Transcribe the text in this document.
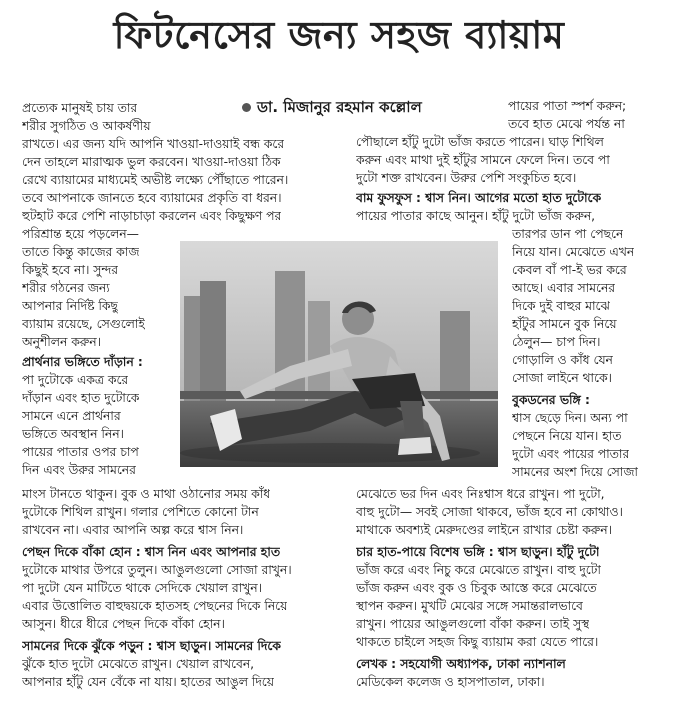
ফিটনেসের জন্য সহজ ব্যায়াম
ডা. মিজানুর রহমান কল্লোল
প্রত্যেক মানুষই চায় তার
শরীর সুগঠিত ও আকর্ষণীয়
রাখতে। এর জন্য যদি আপনি খাওয়া-দাওয়াই বন্ধ করে
দেন তাহলে মারাত্মক ভুল করবেন। খাওয়া-দাওয়া ঠিক
রেখে ব্যায়ামের মাধ্যমেই অভীষ্ট লক্ষ্যে পৌঁছাতে পারেন।
তবে আপনাকে জানতে হবে ব্যায়ামের প্রকৃতি বা ধরন।
হুটহাট করে পেশি নাড়াচাড়া করলেন এবং কিছুক্ষণ পর
পরিশ্রান্ত হয়ে পড়লেন—
তাতে কিন্তু কাজের কাজ
কিছুই হবে না। সুন্দর
শরীর গঠনের জন্য
আপনার নির্দিষ্ট কিছু
ব্যায়াম রয়েছে, সেগুলোই
অনুশীলন করুন।
প্রার্থনার ভঙ্গিতে দাঁড়ান :
পা দুটোকে একত্র করে
দাঁড়ান এবং হাত দুটোকে
সামনে এনে প্রার্থনার
ভঙ্গিতে অবস্থান নিন।
পায়ের পাতার ওপর চাপ
দিন এবং উরুর সামনের
মাংস টানতে থাকুন। বুক ও মাথা ওঠানোর সময় কাঁধ
দুটোকে শিথিল রাখুন। গলার পেশিতে কোনো টান
রাখবেন না। এবার আপনি অল্প করে শ্বাস নিন।
পেছন দিকে বাঁকা হোন : শ্বাস নিন এবং আপনার হাত
দুটোকে মাথার উপরে তুলুন। আঙুলগুলো সোজা রাখুন।
পা দুটো যেন মাটিতে থাকে সেদিকে খেয়াল রাখুন।
এবার উত্তোলিত বাহুদ্বয়কে হাতসহ পেছনের দিকে নিয়ে
আসুন। ধীরে ধীরে পেছন দিকে বাঁকা হোন।
সামনের দিকে ঝুঁকে পড়ুন : শ্বাস ছাড়ুন। সামনের দিকে
ঝুঁকে হাত দুটো মেঝেতে রাখুন। খেয়াল রাখবেন,
আপনার হাঁটু যেন বেঁকে না যায়। হাতের আঙুল দিয়ে
পায়ের পাতা স্পর্শ করুন;
তবে হাত মেঝে পর্যন্ত না
পৌছালে হাঁটু দুটো ভাঁজ করতে পারেন। ঘাড় শিথিল
করুন এবং মাথা দুই হাঁটুর সামনে ফেলে দিন। তবে পা
দুটো শক্ত রাখবেন। উরুর পেশি সংকুচিত হবে।
বাম ফুসফুস : শ্বাস নিন। আগের মতো হাত দুটোকে
পায়ের পাতার কাছে আনুন। হাঁটু দুটো ভাঁজ করুন,
তারপর ডান পা পেছনে
নিয়ে যান। মেঝেতে এখন
কেবল বাঁ পা-ই ভর করে
আছে। এবার সামনের
দিকে দুই বাহুর মাঝে
হাঁটুর সামনে বুক নিয়ে
ঠেলুন— চাপ দিন।
গোড়ালি ও কাঁধ যেন
সোজা লাইনে থাকে।
বুকডনের ভঙ্গি :
শ্বাস ছেড়ে দিন। অন্য পা
পেছনে নিয়ে যান। হাত
দুটো এবং পায়ের পাতার
সামনের অংশ দিয়ে সোজা
মেঝেতে ভর দিন এবং নিঃশ্বাস ধরে রাখুন। পা দুটো,
বাহু দুটো— সবই সোজা থাকবে, ভাঁজ হবে না কোথাও।
মাথাকে অবশ্যই মেরুদণ্ডের লাইনে রাখার চেষ্টা করুন।
চার হাত-পায়ে বিশেষ ভঙ্গি : শ্বাস ছাড়ুন। হাঁটু দুটো
ভাঁজ করে এবং নিচু করে মেঝেতে রাখুন। বাহু দুটো
ভাঁজ করুন এবং বুক ও চিবুক আস্তে করে মেঝেতে
স্থাপন করুন। মুখটি মেঝের সঙ্গে সমান্তরালভাবে
রাখুন। পায়ের আঙুলগুলো বাঁকা করুন। তাই সুস্থ
থাকতে চাইলে সহজ কিছু ব্যায়াম করা যেতে পারে।
লেখক : সহযোগী অধ্যাপক, ঢাকা ন্যাশনাল
মেডিকেল কলেজ ও হাসপাতাল, ঢাকা।
